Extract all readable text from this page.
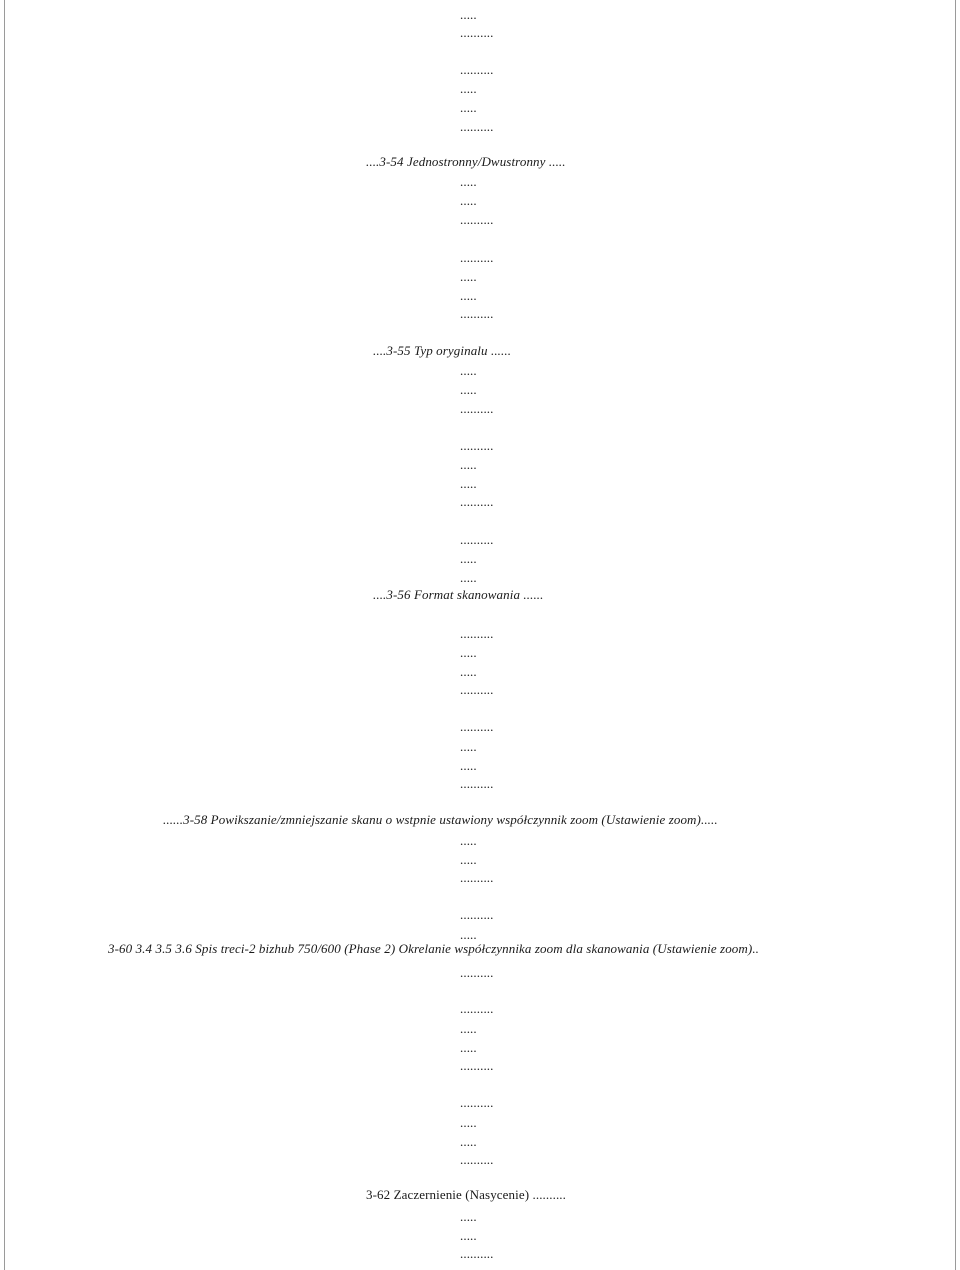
.....
..........
..........
.....
.....
..........
....3-54 Jednostronny/Dwustronny .....
.....
.....
..........
..........
.....
.....
..........
....3-55 Typ oryginalu ......
.....
.....
..........
..........
.....
.....
..........
..........
.....
.....
....3-56 Format skanowania ......
..........
.....
.....
..........
..........
.....
.....
..........
......3-58 Powikszanie/zmniejszanie skanu o wstpnie ustawiony współczynnik zoom (Ustawienie zoom).....
.....
.....
..........
..........
.....
3-60 3.4 3.5 3.6 Spis treci-2 bizhub 750/600 (Phase 2) Okrelanie współczynnika zoom dla skanowania (Ustawienie zoom)..
..........
..........
.....
.....
..........
..........
.....
.....
..........
3-62 Zaczernienie (Nasycenie) ..........
.....
.....
..........
